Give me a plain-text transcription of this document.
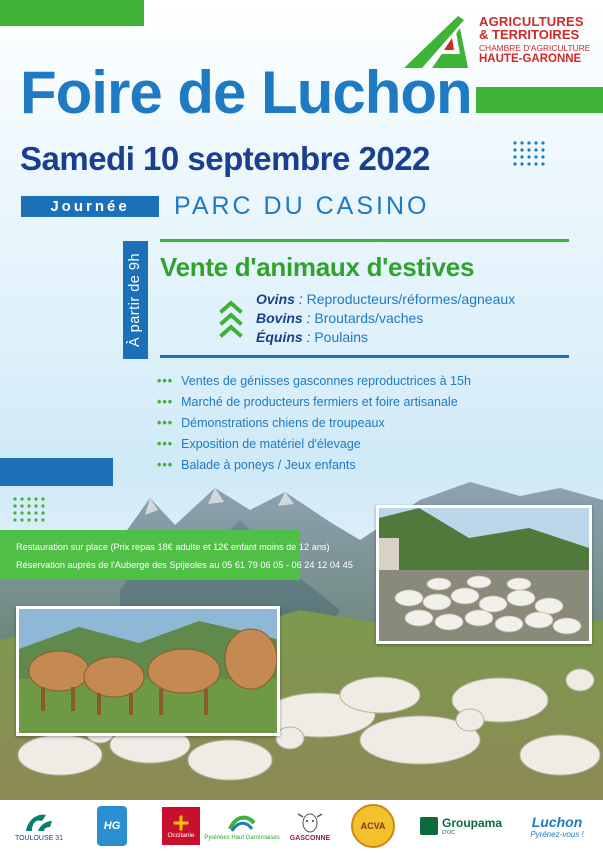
AGRICULTURES
& TERRITOIRES
CHAMBRE D'AGRICULTURE
HAUTE-GARONNE
Foire de Luchon
Samedi 10 septembre 2022
Journée	PARC DU CASINO
À partir de 9h Vente d'animaux d'estives
Ovins : Reproducteurs/réformes/agneaux
Bovins : Broutards/vaches
Équins : Poulains
••• Ventes de génisses gasconnes reproductrices à 15h
••• Marché de producteurs fermiers et foire artisanale
••• Démonstrations chiens de troupeaux
••• Exposition de matériel d'élevage
••• Balade à poneys / Jeux enfants
Restauration sur place (Prix repas 18€ adulte et 12€ enfant moins de 12 ans)
Réservation auprès de l'Auberge des Spijeoles au 05 61 79 06 05 - 06 24 12 04 45
TOULOUSE 31
HG
Occitanie Pyrénées Haut Garonnaises GASCONNE
ACVA	Groupama
D'OC
Luchon
Pyrénez-vous !
